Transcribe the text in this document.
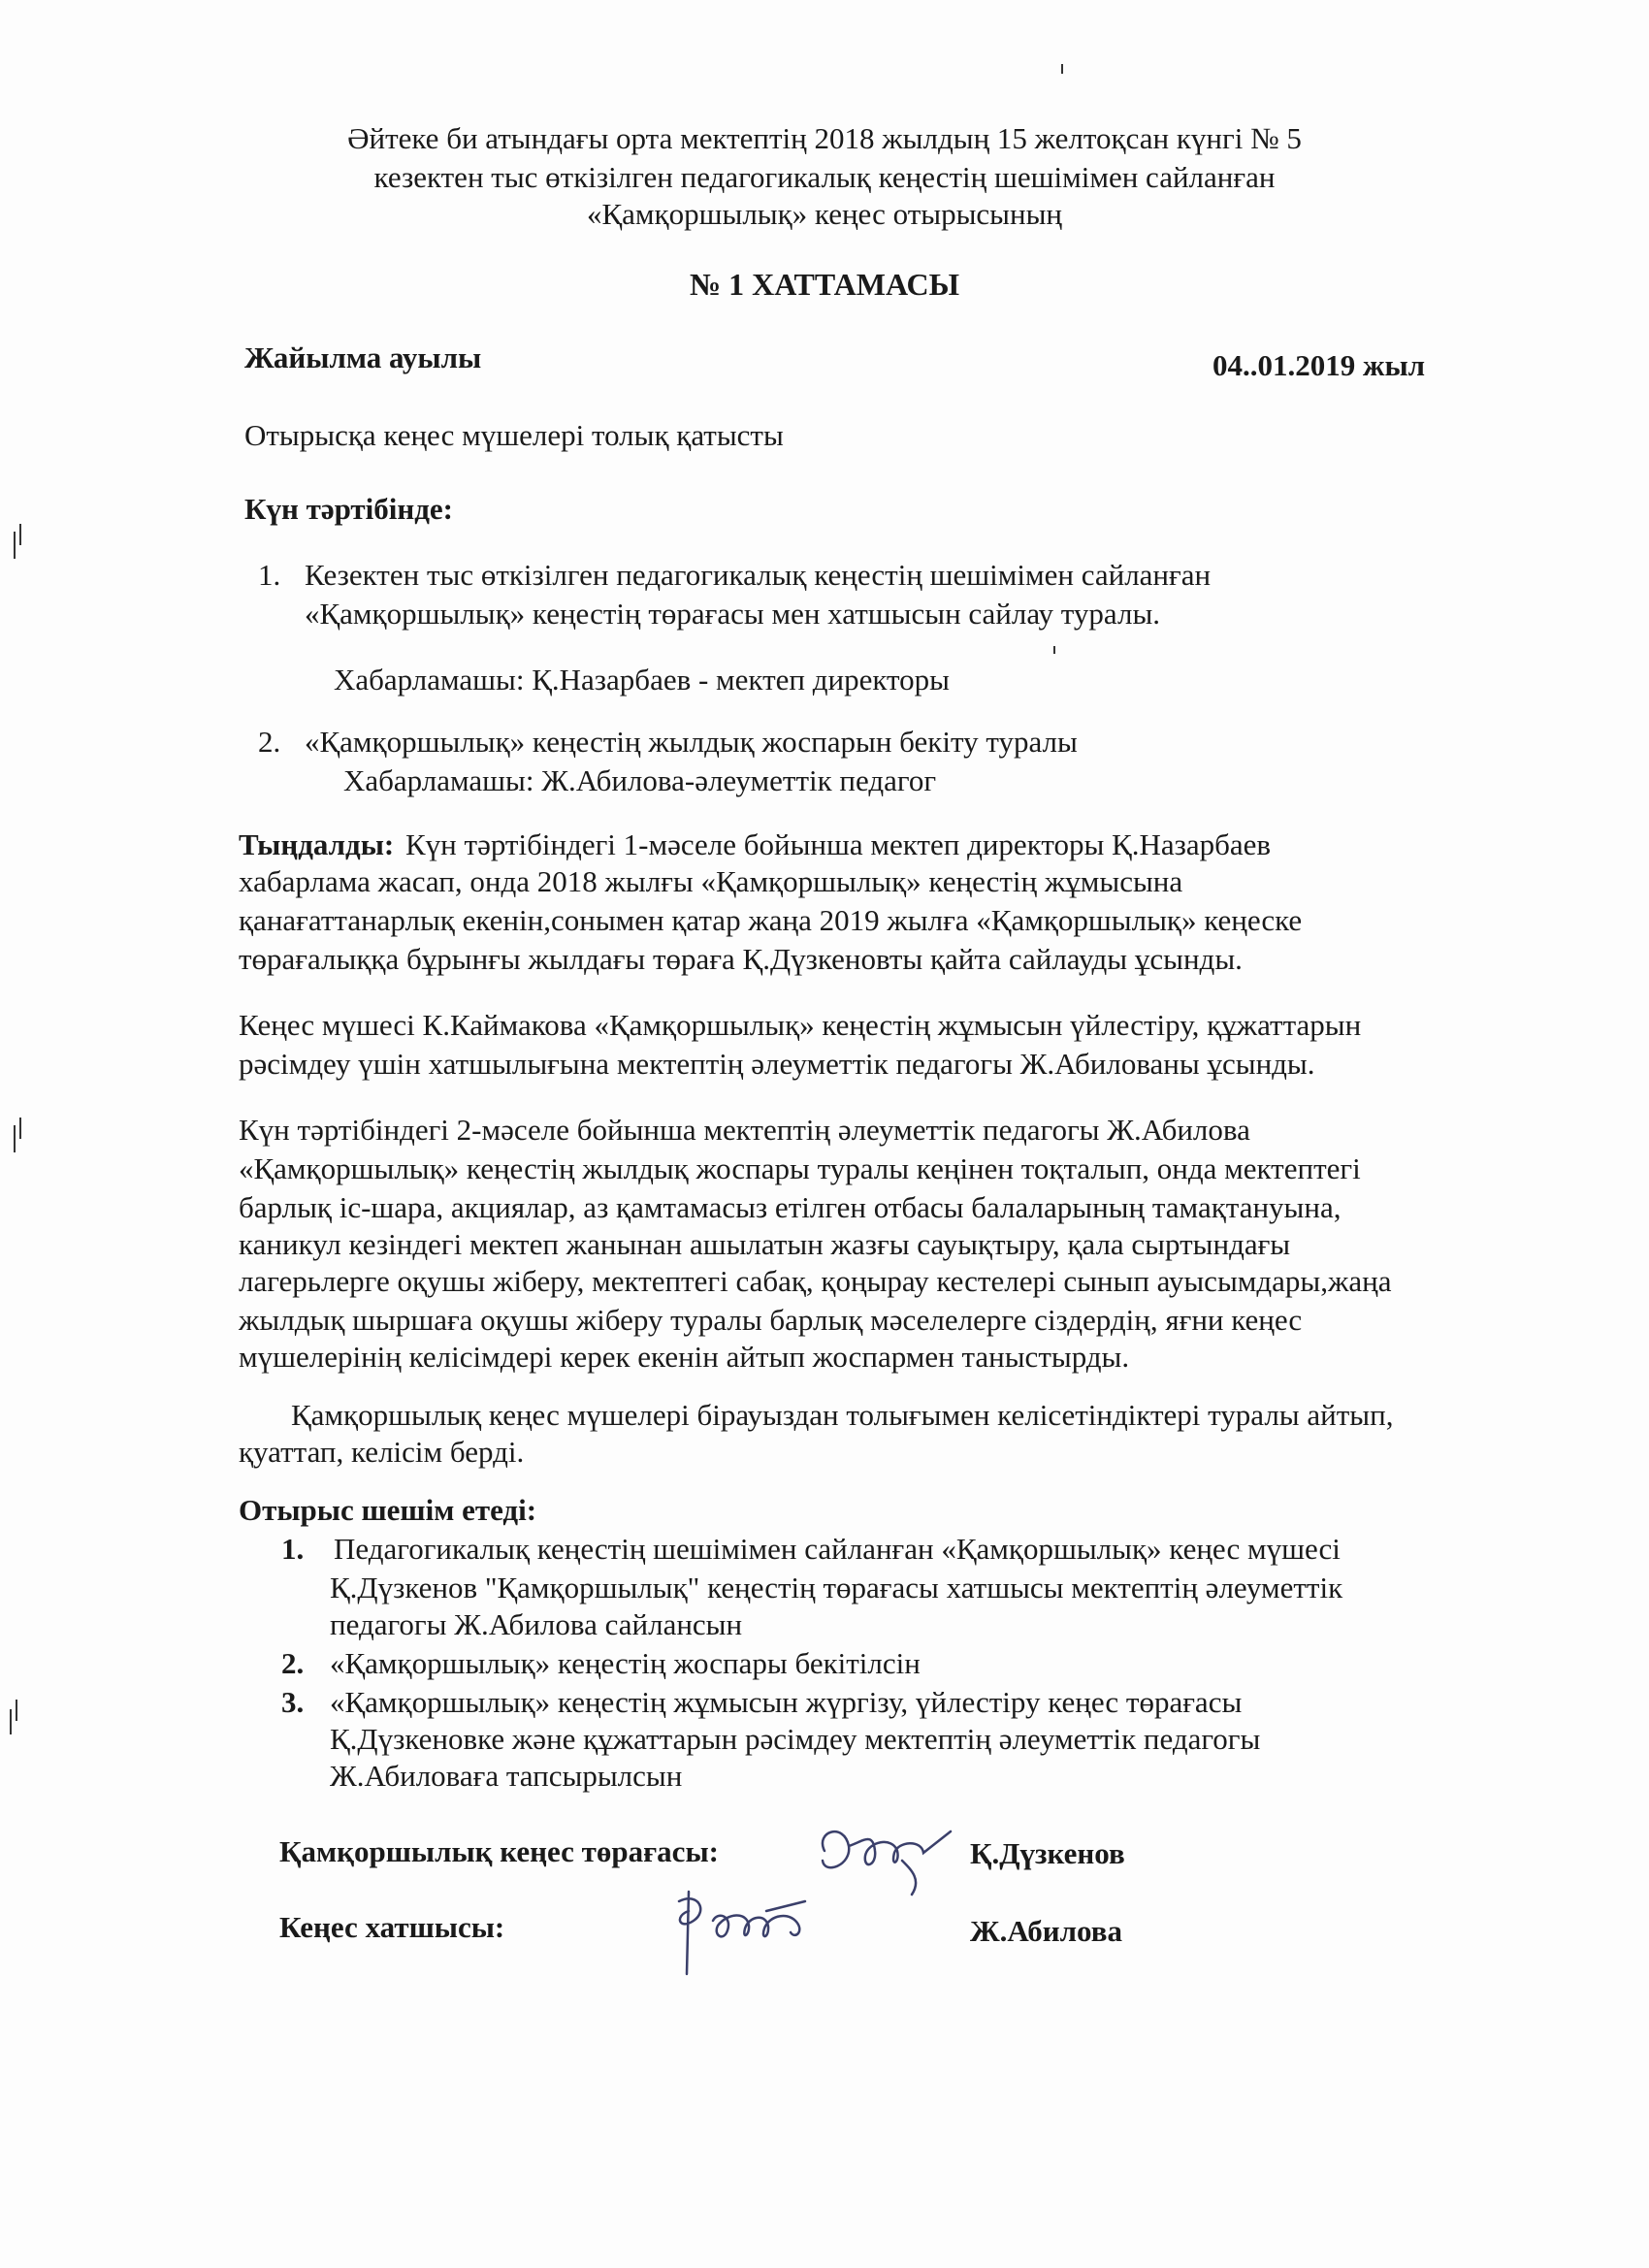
Әйтеке би атындағы орта мектептің 2018 жылдың 15 желтоқсан күнгі № 5
кезектен тыс өткізілген педагогикалық кеңестің шешімімен сайланған
«Қамқоршылық» кеңес отырысының
№ 1 ХАТТАМАСЫ
Жайылма ауылы	04..01.2019 жыл
Отырысқа кеңес мүшелері толық қатысты
Күн тәртібінде:
1. Кезектен тыс өткізілген педагогикалық кеңестің шешімімен сайланған
«Қамқоршылық» кеңестің төрағасы мен хатшысын сайлау туралы.
Хабарламашы: Қ.Назарбаев - мектеп директоры
2. «Қамқоршылық» кеңестің жылдық жоспарын бекіту туралы
Хабарламашы: Ж.Абилова-әлеуметтік педагог
Тыңдалды: Күн тәртібіндегі 1-мәселе бойынша мектеп директоры Қ.Назарбаев
хабарлама жасап, онда 2018 жылғы «Қамқоршылық» кеңестің жұмысына
қанағаттанарлық екенін,сонымен қатар жаңа 2019 жылға «Қамқоршылық» кеңеске
төрағалыққа бұрынғы жылдағы төраға Қ.Дүзкеновты қайта сайлауды ұсынды.
Кеңес мүшесі К.Каймакова «Қамқоршылық» кеңестің жұмысын үйлестіру, құжаттарын
рәсімдеу үшін хатшылығына мектептің әлеуметтік педагогы Ж.Абилованы ұсынды.
Күн тәртібіндегі 2-мәселе бойынша мектептің әлеуметтік педагогы Ж.Абилова
«Қамқоршылық» кеңестің жылдық жоспары туралы кеңінен тоқталып, онда мектептегі
барлық іс-шара, акциялар, аз қамтамасыз етілген отбасы балаларының тамақтануына,
каникул кезіндегі мектеп жанынан ашылатын жазғы сауықтыру, қала сыртындағы
лагерьлерге оқушы жіберу, мектептегі сабақ, қоңырау кестелері сынып ауысымдары,жаңа
жылдық шыршаға оқушы жіберу туралы барлық мәселелерге сіздердің, яғни кеңес
мүшелерінің келісімдері керек екенін айтып жоспармен таныстырды.
Қамқоршылық кеңес мүшелері бірауыздан толығымен келісетіндіктері туралы айтып,
қуаттап, келісім берді.
Отырыс шешім етеді:
1. Педагогикалық кеңестің шешімімен сайланған «Қамқоршылық» кеңес мүшесі
Қ.Дүзкенов "Қамқоршылық" кеңестің төрағасы хатшысы мектептің әлеуметтік
педагогы Ж.Абилова сайлансын
2. «Қамқоршылық» кеңестің жоспары бекітілсін
3. «Қамқоршылық» кеңестің жұмысын жүргізу, үйлестіру кеңес төрағасы
Қ.Дүзкеновке және құжаттарын рәсімдеу мектептің әлеуметтік педагогы
Ж.Абиловаға тапсырылсын
Қамқоршылық кеңес төрағасы:	Қ.Дүзкенов
Кеңес хатшысы:	Ж.Абилова
